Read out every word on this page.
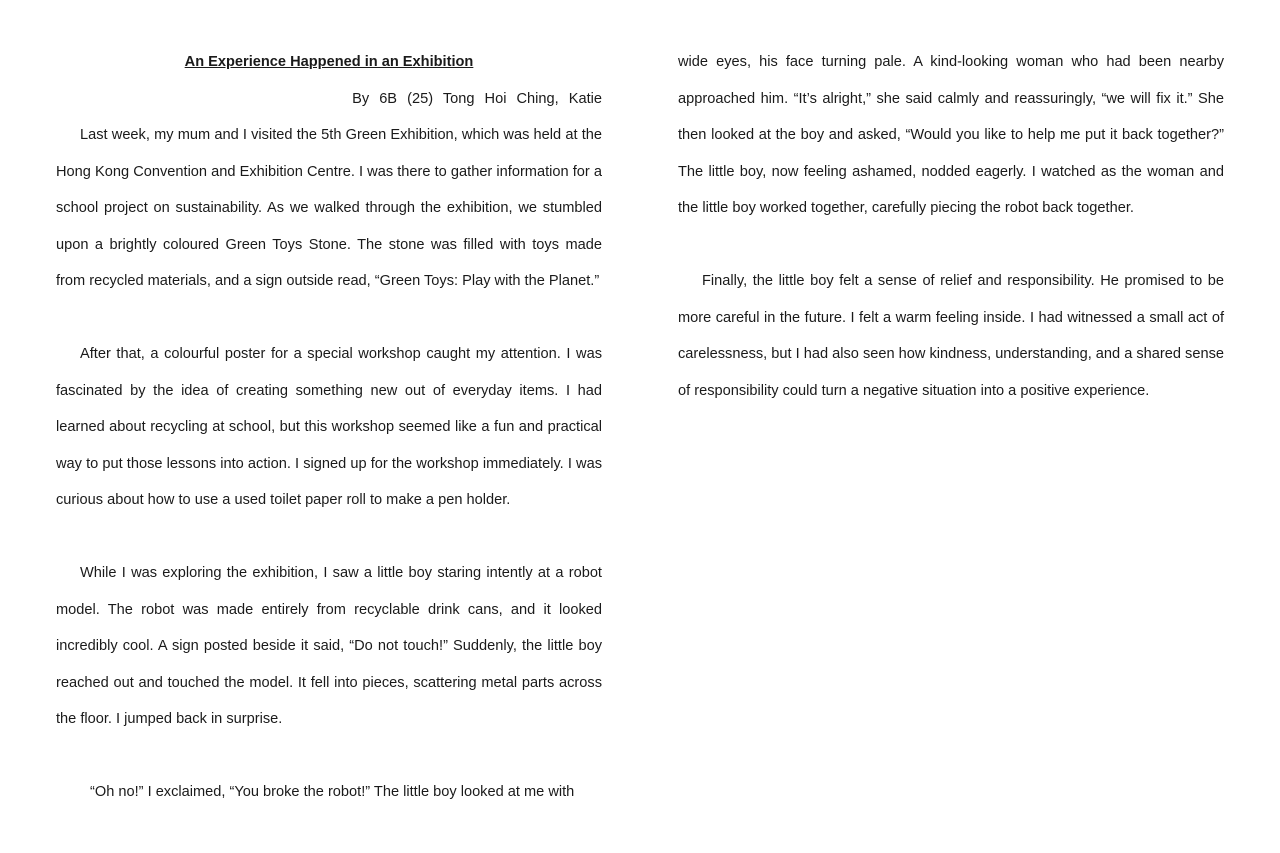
An Experience Happened in an Exhibition

By 6B (25) Tong Hoi Ching, Katie

Last week, my mum and I visited the 5th Green Exhibition, which was held at the Hong Kong Convention and Exhibition Centre. I was there to gather information for a school project on sustainability. As we walked through the exhibition, we stumbled upon a brightly coloured Green Toys Stone. The stone was filled with toys made from recycled materials, and a sign outside read, “Green Toys: Play with the Planet.”

After that, a colourful poster for a special workshop caught my attention. I was fascinated by the idea of creating something new out of everyday items. I had learned about recycling at school, but this workshop seemed like a fun and practical way to put those lessons into action. I signed up for the workshop immediately. I was curious about how to use a used toilet paper roll to make a pen holder.

While I was exploring the exhibition, I saw a little boy staring intently at a robot model. The robot was made entirely from recyclable drink cans, and it looked incredibly cool. A sign posted beside it said, “Do not touch!” Suddenly, the little boy reached out and touched the model. It fell into pieces, scattering metal parts across the floor. I jumped back in surprise.

“Oh no!” I exclaimed, “You broke the robot!” The little boy looked at me with

wide eyes, his face turning pale. A kind-looking woman who had been nearby approached him. “It’s alright,” she said calmly and reassuringly, “we will fix it.” She then looked at the boy and asked, “Would you like to help me put it back together?” The little boy, now feeling ashamed, nodded eagerly. I watched as the woman and the little boy worked together, carefully piecing the robot back together.

Finally, the little boy felt a sense of relief and responsibility. He promised to be more careful in the future. I felt a warm feeling inside. I had witnessed a small act of carelessness, but I had also seen how kindness, understanding, and a shared sense of responsibility could turn a negative situation into a positive experience.
